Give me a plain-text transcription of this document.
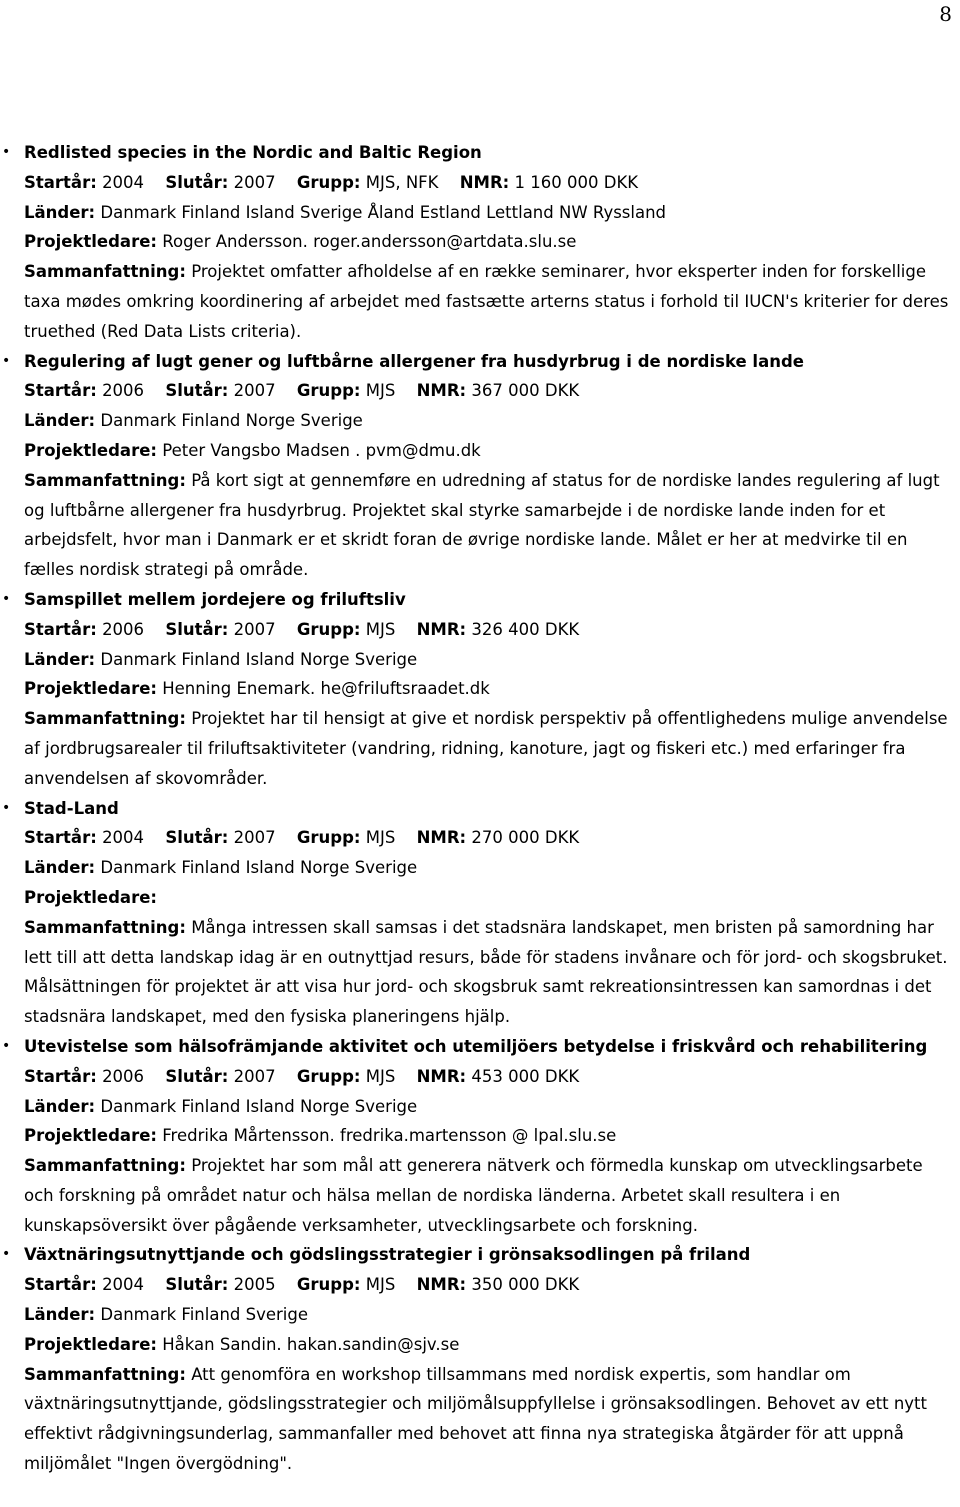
8
• Redlisted species in the Nordic and Baltic Region
Startår: 2004 Slutår: 2007 Grupp: MJS, NFK NMR: 1 160 000 DKK
Länder: Danmark Finland Island Sverige Åland Estland Lettland NW Ryssland
Projektledare: Roger Andersson. roger.andersson@artdata.slu.se
Sammanfattning: Projektet omfatter afholdelse af en række seminarer, hvor eksperter inden for forskellige taxa mødes omkring koordinering af arbejdet med fastsætte arterns status i forhold til IUCN's kriterier for deres truethed (Red Data Lists criteria).
• Regulering af lugt gener og luftbårne allergener fra husdyrbrug i de nordiske lande
Startår: 2006 Slutår: 2007 Grupp: MJS NMR: 367 000 DKK
Länder: Danmark Finland Norge Sverige
Projektledare: Peter Vangsbo Madsen . pvm@dmu.dk
Sammanfattning: På kort sigt at gennemføre en udredning af status for de nordiske landes regulering af lugt og luftbårne allergener fra husdyrbrug. Projektet skal styrke samarbejde i de nordiske lande inden for et arbejdsfelt, hvor man i Danmark er et skridt foran de øvrige nordiske lande. Målet er her at medvirke til en fælles nordisk strategi på område.
• Samspillet mellem jordejere og friluftsliv
Startår: 2006 Slutår: 2007 Grupp: MJS NMR: 326 400 DKK
Länder: Danmark Finland Island Norge Sverige
Projektledare: Henning Enemark. he@friluftsraadet.dk
Sammanfattning: Projektet har til hensigt at give et nordisk perspektiv på offentlighedens mulige anvendelse af jordbrugsarealer til friluftsaktiviteter (vandring, ridning, kanoture, jagt og fiskeri etc.) med erfaringer fra anvendelsen af skovområder.
• Stad-Land
Startår: 2004 Slutår: 2007 Grupp: MJS NMR: 270 000 DKK
Länder: Danmark Finland Island Norge Sverige
Projektledare:
Sammanfattning: Många intressen skall samsas i det stadsnära landskapet, men bristen på samordning har lett till att detta landskap idag är en outnyttjad resurs, både för stadens invånare och för jord- och skogsbruket. Målsättningen för projektet är att visa hur jord- och skogsbruk samt rekreationsintressen kan samordnas i det stadsnära landskapet, med den fysiska planeringens hjälp.
• Utevistelse som hälsofrämjande aktivitet och utemiljöers betydelse i friskvård och rehabilitering
Startår: 2006 Slutår: 2007 Grupp: MJS NMR: 453 000 DKK
Länder: Danmark Finland Island Norge Sverige
Projektledare: Fredrika Mårtensson. fredrika.martensson @ lpal.slu.se
Sammanfattning: Projektet har som mål att generera nätverk och förmedla kunskap om utvecklingsarbete och forskning på området natur och hälsa mellan de nordiska länderna. Arbetet skall resultera i en kunskapsöversikt över pågående verksamheter, utvecklingsarbete och forskning.
• Växtnäringsutnyttjande och gödslingsstrategier i grönsaksodlingen på friland
Startår: 2004 Slutår: 2005 Grupp: MJS NMR: 350 000 DKK
Länder: Danmark Finland Sverige
Projektledare: Håkan Sandin. hakan.sandin@sjv.se
Sammanfattning: Att genomföra en workshop tillsammans med nordisk expertis, som handlar om växtnäringsutnyttjande, gödslingsstrategier och miljömålsuppfyllelse i grönsaksodlingen. Behovet av ett nytt effektivt rådgivningsunderlag, sammanfaller med behovet att finna nya strategiska åtgärder för att uppnå miljömålet "Ingen övergödning".
